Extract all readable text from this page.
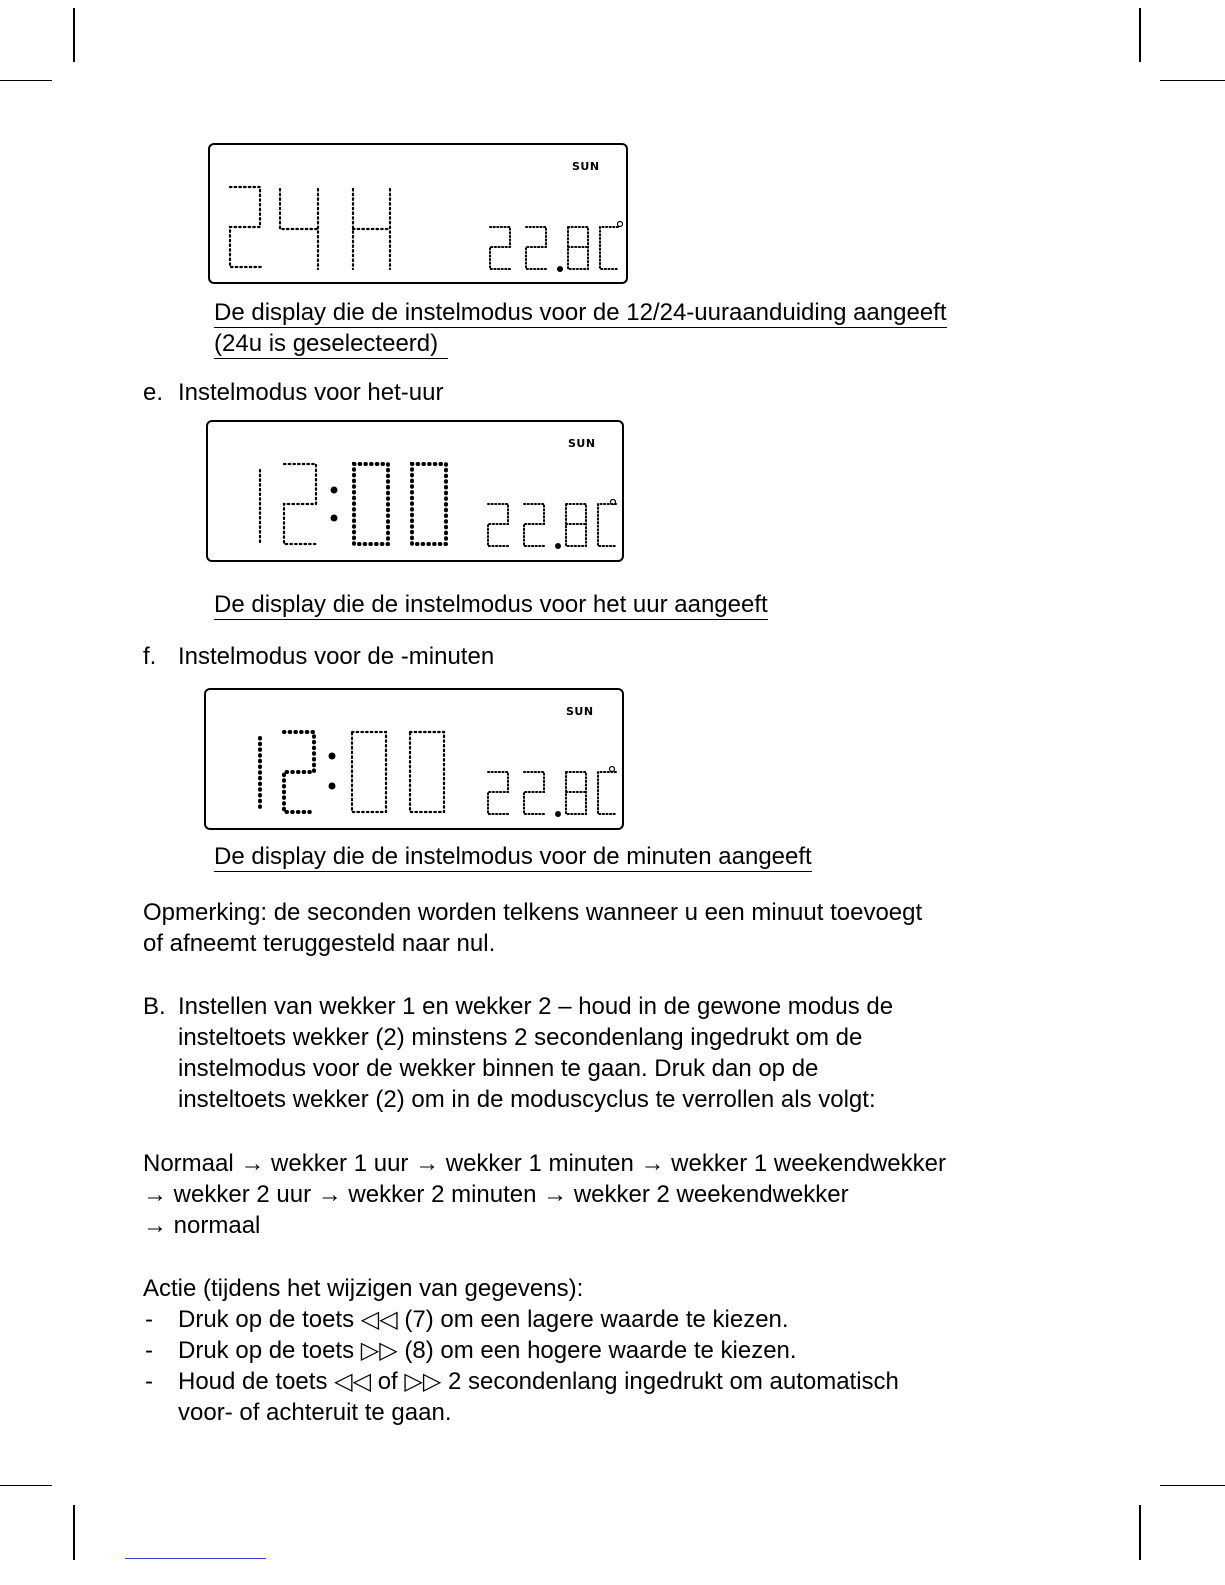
SUN
De display die de instelmodus voor de 12/24-uuraanduiding aangeeft
(24u is geselecteerd)
e. Instelmodus voor het-uur
SUN
De display die de instelmodus voor het uur aangeeft
f. Instelmodus voor de -minuten
SUN
De display die de instelmodus voor de minuten aangeeft
Opmerking: de seconden worden telkens wanneer u een minuut toevoegt
of afneemt teruggesteld naar nul.
B. Instellen van wekker 1 en wekker 2 – houd in de gewone modus de
insteltoets wekker (2) minstens 2 secondenlang ingedrukt om de
instelmodus voor de wekker binnen te gaan. Druk dan op de
insteltoets wekker (2) om in de moduscyclus te verrollen als volgt:
Normaal → wekker 1 uur → wekker 1 minuten → wekker 1 weekendwekker
→ wekker 2 uur → wekker 2 minuten → wekker 2 weekendwekker
→ normaal
Actie (tijdens het wijzigen van gegevens):
- Druk op de toets ◁◁ (7) om een lagere waarde te kiezen.
- Druk op de toets ▷▷ (8) om een hogere waarde te kiezen.
- Houd de toets ◁◁ of ▷▷ 2 secondenlang ingedrukt om automatisch
voor- of achteruit te gaan.
